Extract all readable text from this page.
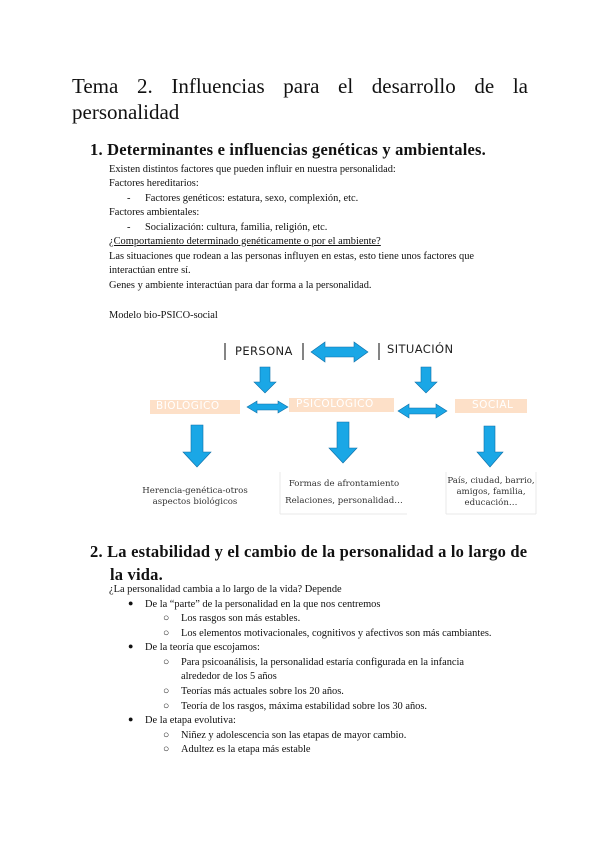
Tema 2. Influencias para el desarrollo de la personalidad
1. Determinantes e influencias genéticas y ambientales.
Existen distintos factores que pueden influir en nuestra personalidad:
Factores hereditarios:
- Factores genéticos: estatura, sexo, complexión, etc.
Factores ambientales:
- Socialización: cultura, familia, religión, etc.
¿Comportamiento determinado genéticamente o por el ambiente?
Las situaciones que rodean a las personas influyen en estas, esto tiene unos factores que
interactúan entre sí.
Genes y ambiente interactúan para dar forma a la personalidad.
Modelo bio-PSICO-social
PERSONA	SITUACIÓN
BIOLÓGICO	PSICOLÓGICO	SOCIAL
Herencia-genética-otros
aspectos biológicos
Formas de afrontamiento
Relaciones, personalidad…
País, ciudad, barrio,
amigos, familia,
educación…
2. La estabilidad y el cambio de la personalidad a lo largo de
la vida.
¿La personalidad cambia a lo largo de la vida? Depende
● De la “parte” de la personalidad en la que nos centremos
○ Los rasgos son más estables.
○ Los elementos motivacionales, cognitivos y afectivos son más cambiantes.
● De la teoría que escojamos:
○ Para psicoanálisis, la personalidad estaría configurada en la infancia
alrededor de los 5 años
○ Teorías más actuales sobre los 20 años.
○ Teoría de los rasgos, máxima estabilidad sobre los 30 años.
● De la etapa evolutiva:
○ Niñez y adolescencia son las etapas de mayor cambio.
○ Adultez es la etapa más estable
